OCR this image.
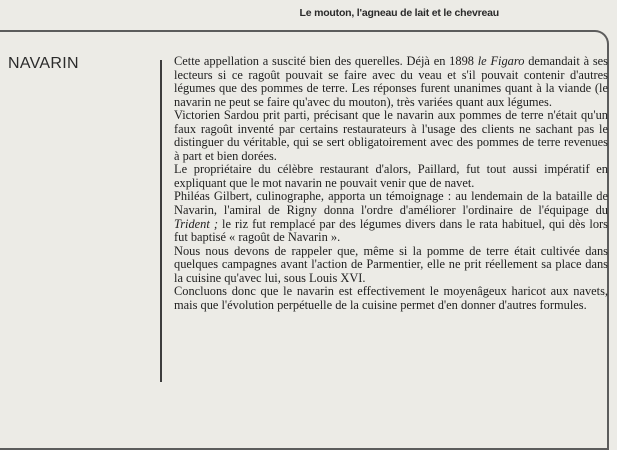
Le mouton, l'agneau de lait et le chevreau
NAVARIN	Cette appellation a suscité bien des querelles. Déjà en 1898 le Figaro demandait à ses lecteurs si ce ragoût pouvait se faire avec du veau et s'il pouvait contenir d'autres légumes que des pommes de terre. Les réponses furent unanimes quant à la viande (le navarin ne peut se faire qu'avec du mouton), très variées quant aux légumes.

Victorien Sardou prit parti, précisant que le navarin aux pommes de terre n'était qu'un faux ragoût inventé par certains restaurateurs à l'usage des clients ne sachant pas le distinguer du véritable, qui se sert obligatoirement avec des pommes de terre revenues à part et bien dorées.

Le propriétaire du célèbre restaurant d'alors, Paillard, fut tout aussi impératif en expliquant que le mot navarin ne pouvait venir que de navet.

Philéas Gilbert, culinographe, apporta un témoignage : au lendemain de la bataille de Navarin, l'amiral de Rigny donna l'ordre d'améliorer l'ordinaire de l'équipage du Trident ; le riz fut remplacé par des légumes divers dans le rata habituel, qui dès lors fut baptisé « ragoût de Navarin ».

Nous nous devons de rappeler que, même si la pomme de terre était cultivée dans quelques campagnes avant l'action de Parmentier, elle ne prit réellement sa place dans la cuisine qu'avec lui, sous Louis XVI.

Concluons donc que le navarin est effectivement le moyenâgeux haricot aux navets, mais que l'évolution perpétuelle de la cuisine permet d'en donner d'autres formules.
